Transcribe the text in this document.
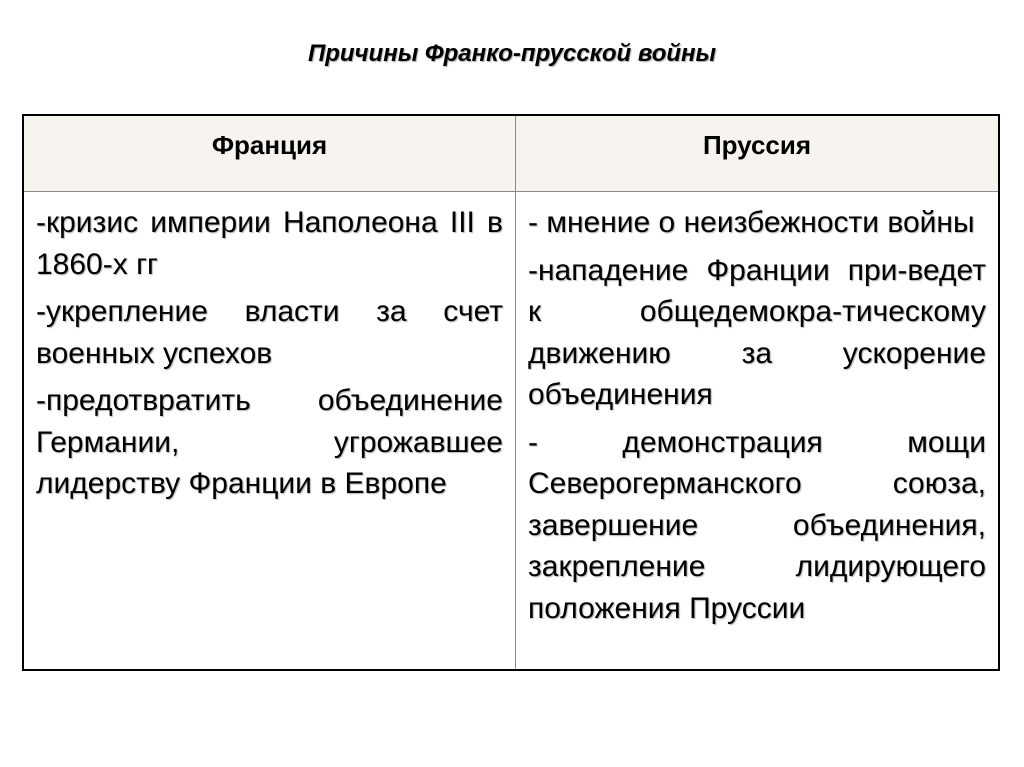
Причины Франко-прусской войны
Франция	Пруссия

-кризис империи Наполеона III в 1860-х гг

-укрепление власти за счет военных успехов

-предотвратить объединение Германии, угрожавшее лидерству Франции в Европе

- мнение о неизбежности войны

-нападение Франции при-ведет к общедемокра-тическому движению за ускорение объединения

- демонстрация мощи Северогерманского союза, завершение объединения, закрепление лидирующего положения Пруссии
